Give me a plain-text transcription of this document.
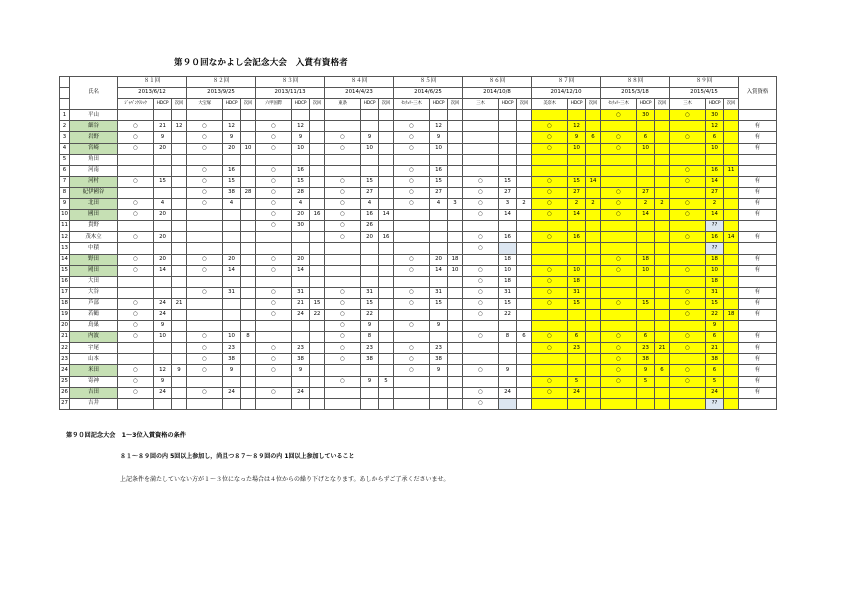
第９０回なかよし会記念大会　入賞有資格者
	氏名	８１回			８２回			８３回			８４回			８５回			８６回			８７回			８８回			８９回			入賞資格
		2013/6/12			2013/9/25			2013/11/13			2014/4/23			2014/6/25			2014/10/8			2014/12/10			2015/3/18			2015/4/15			
		ｼﾞｬﾊﾟﾝｸﾗｼｯｸ	HDCP	次回	大宝塚	HDCP	次回	六甲国際	HDCP	次回	東条	HDCP	次回	ｾﾝﾁｭﾘｰ三木	HDCP	次回	三木	HDCP	次回	美奈木	HDCP	次回	ｾﾝﾁｭﾘｰ三木	HDCP	次回	三木	HDCP	次回	
1	平山																						○	30		○	30		
2	細谷	○	21	12	○	12		○	12					○	12					○	12						12		有
3	岩野	○	9		○	9		○	9		○	9		○	9					○	9	6	○	6		○	6		有
4	宮崎	○	20		○	20	10	○	10		○	10		○	10					○	10		○	10			10		有
5	角田																												
6	河南				○	16		○	16					○	16											○	16	11	
7	河村	○	15		○	15		○	15		○	15		○	15		○	15		○	15	14				○	14		有
8	紀伊國谷				○	38	28	○	28		○	27		○	27		○	27		○	27		○	27			27		有
9	北田	○	4		○	4		○	4		○	4		○	4	3	○	3	2	○	2	2	○	2	2	○	2		有
10	國田	○	20					○	20	16	○	16	14				○	14		○	14		○	14		○	14		有
11	貴野							○	30		○	26															??		
12	茂木立	○	20								○	20	16				○	16		○	16					○	16	14	有
13	中積																○										??		
14	野田	○	20		○	20		○	20					○	20	18		18					○	18			18		有
15	岡田	○	14		○	14		○	14					○	14	10	○	10		○	10		○	10		○	10		有
16	大田																○	18		○	18						18		
17	大谷				○	31		○	31		○	31		○	31		○	31		○	31					○	31		有
18	芦部	○	24	21				○	21	15	○	15		○	15		○	15		○	15		○	15		○	15		有
19	若鶴	○	24					○	24	22	○	22					○	22								○	22	18	有
20	鳥巣	○	9								○	9		○	9												9		
21	内波	○	10		○	10	8				○	8					○	8	6	○	6		○	6		○	6		有
22	宇尾				○	23		○	23		○	23		○	23					○	23		○	23	21	○	21		有
23	山本				○	38		○	38		○	38		○	38								○	38			38		有
24	米田	○	12	9	○	9		○	9					○	9		○	9					○	9	6	○	6		有
25	寄神	○	9								○	9	5							○	5		○	5		○	5		有
26	吉田	○	24		○	24		○	24								○	24		○	24						24		有
27	吉井																○										??		
第９０回記念大会　1～3位入賞資格の条件
８１～８９回の内 5回以上参加し，尚且つ８７～８９回の内 1回以上参加していること
上記条件を満たしていない方が１～３位になった場合は４位からの繰り下げとなります。あしからずご了承くださいませ。
